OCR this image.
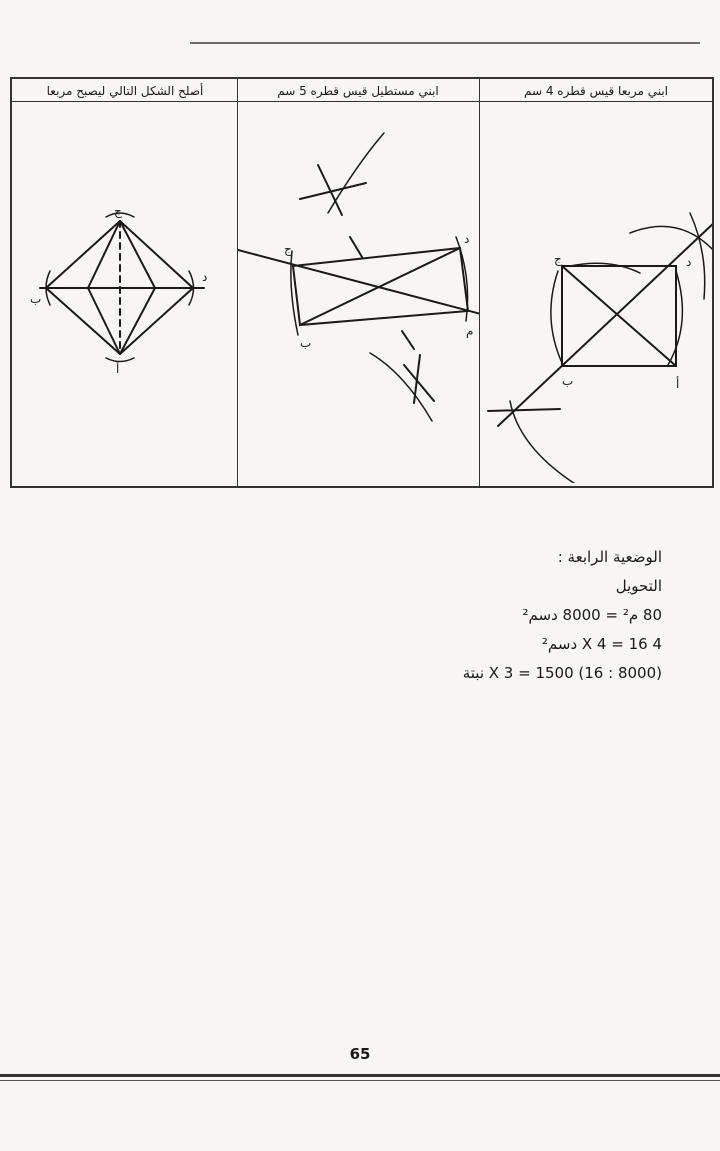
ابني مربعا قيس قطره 4 سم
ابني مستطيل قيس قطره 5 سم
أصلح الشكل التالي ليصبح مربعا
ج
د
ب
أ
ج
د
ب
م
ج	د
ب	أ
الوضعية الرابعة :
التحويل
80 م² = 8000 دسم²
4 X 4 = 16 دسم²
(8000 : 16) X 3 = 1500 نبتة
65
